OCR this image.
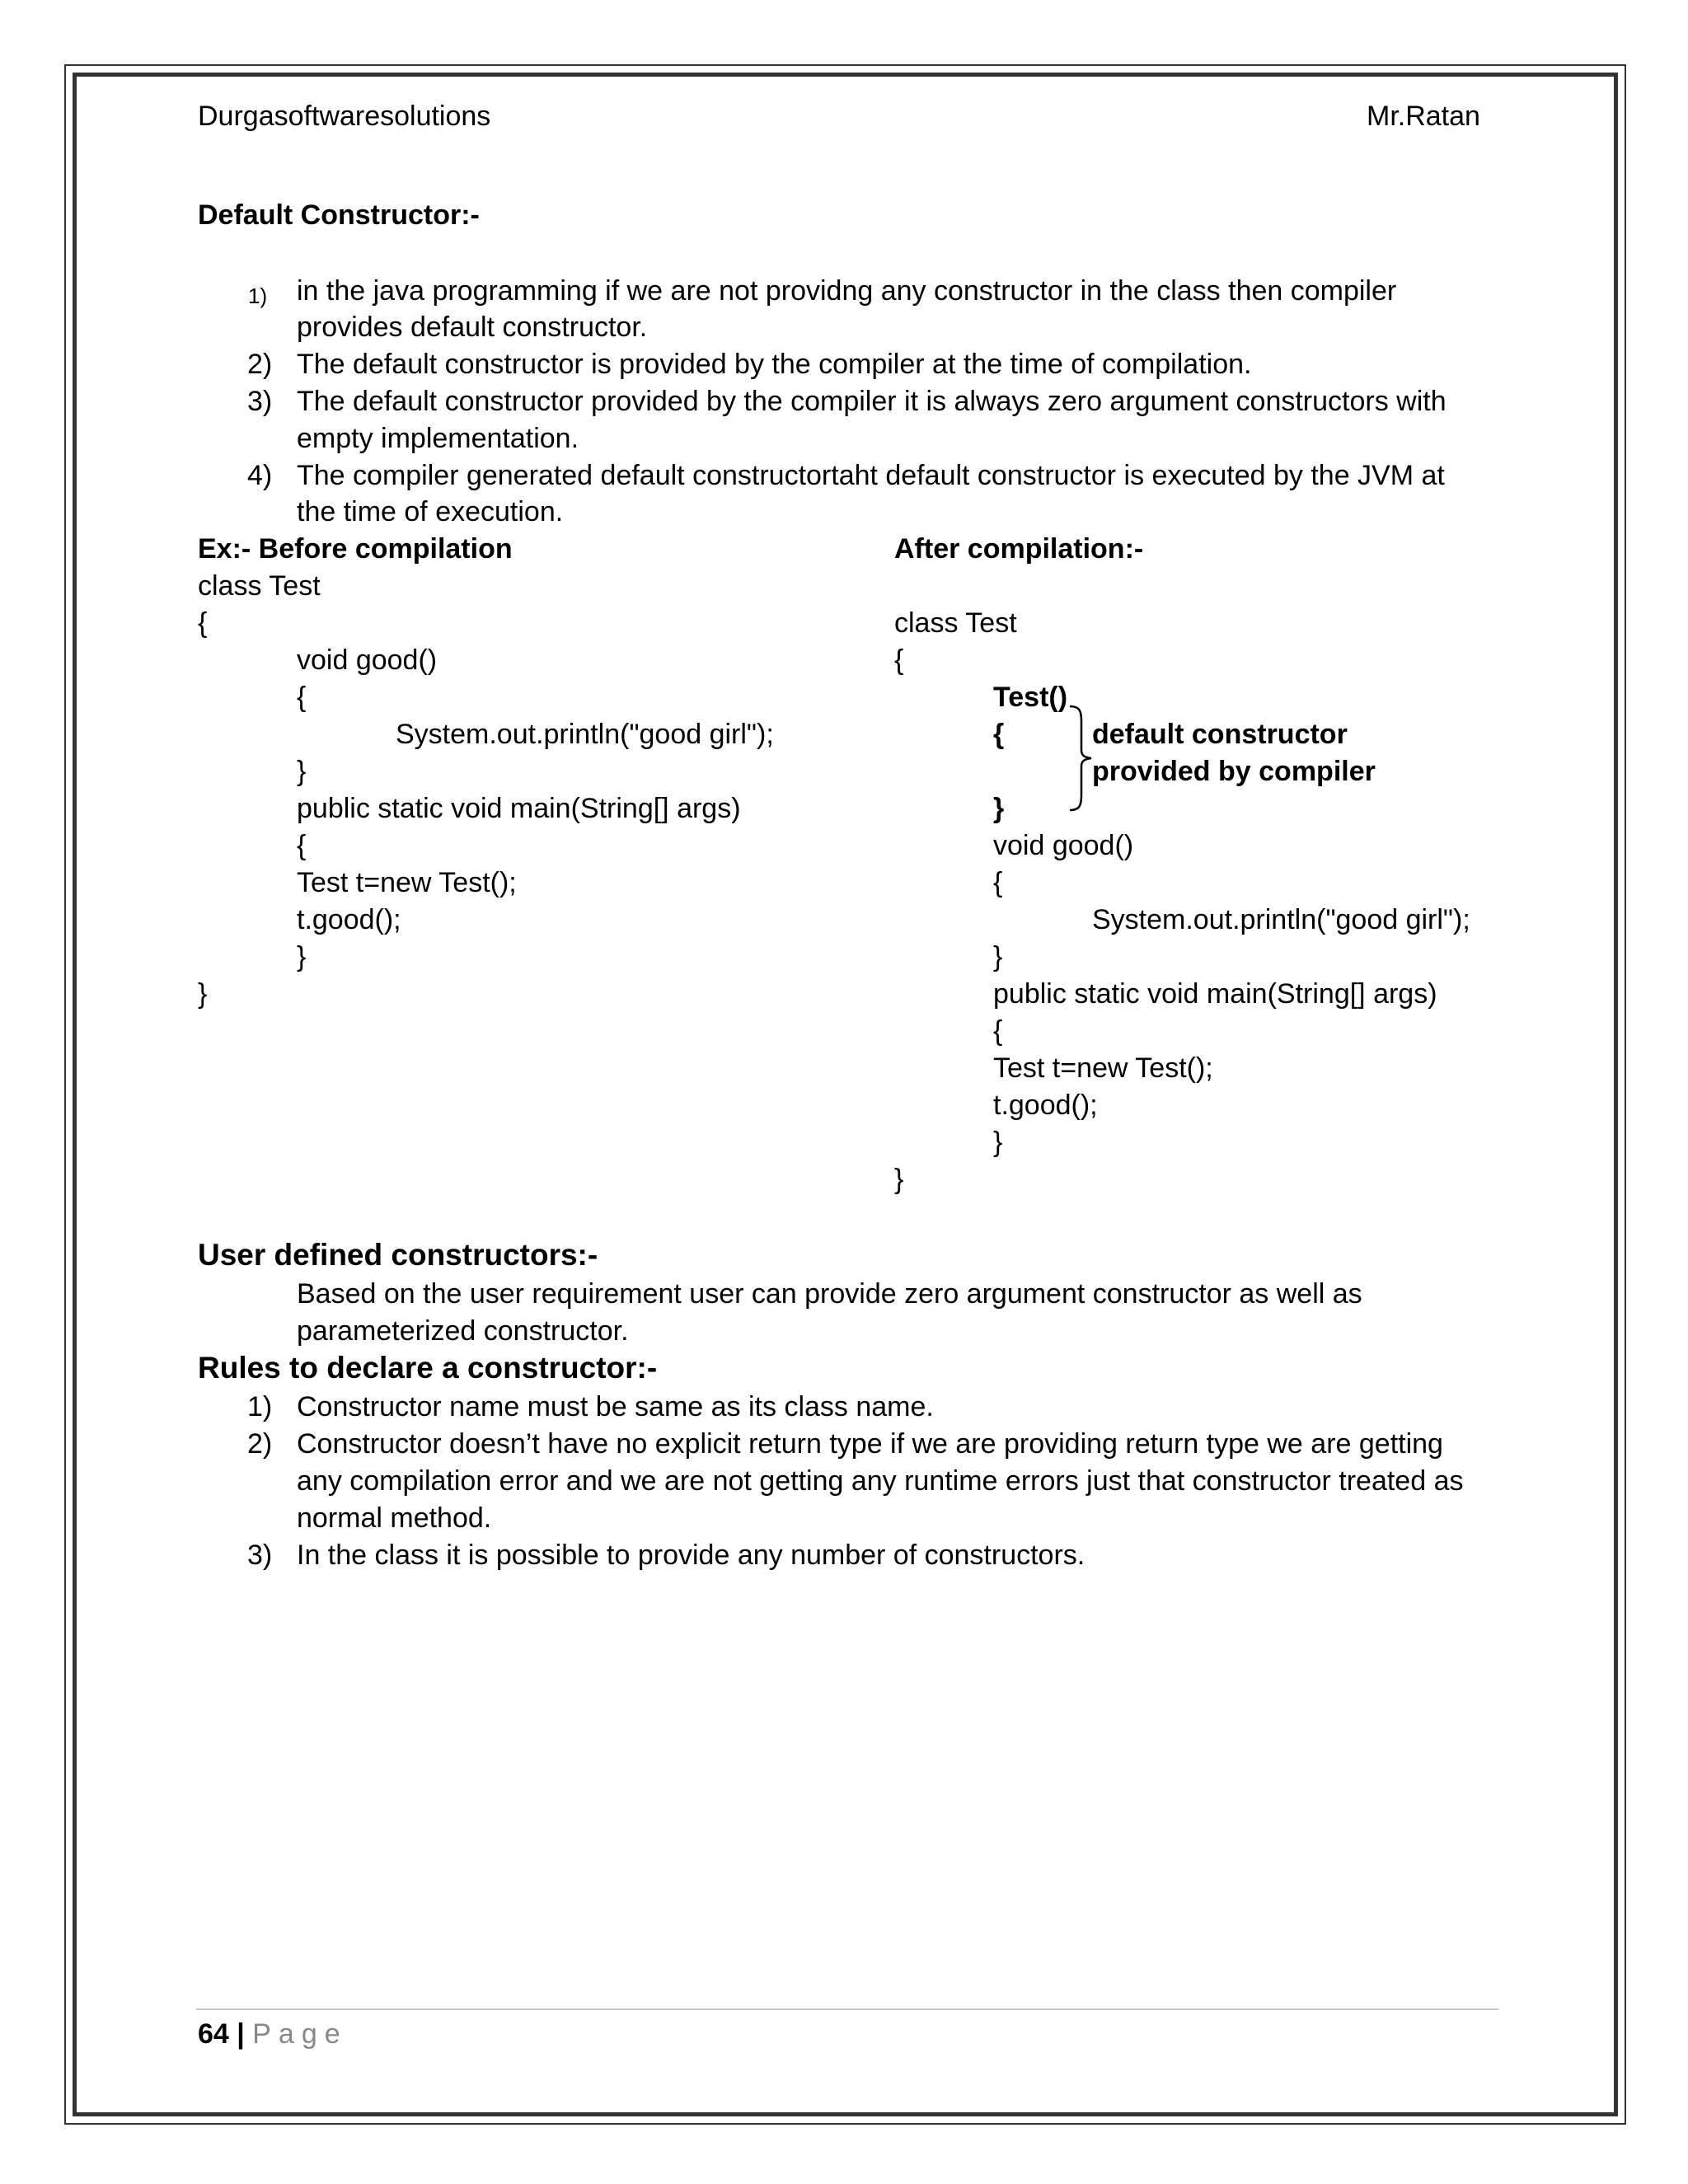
Durgasoftwaresolutions	Mr.Ratan
Default Constructor:-
1) in the java programming if we are not providng any constructor in the class then compiler
provides default constructor.
2) The default constructor is provided by the compiler at the time of compilation.
3) The default constructor provided by the compiler it is always zero argument constructors with
empty implementation.
4) The compiler generated default constructortaht default constructor is executed by the JVM at
the time of execution.
Ex:- Before compilation
class Test
{
void good()
{
System.out.println("good girl");
}
public static void main(String[] args)
{
Test t=new Test();
t.good();
}
}
After compilation:-
class Test
{
Test()
{
}
void good()
{
System.out.println("good girl");
}
public static void main(String[] args)
{
Test t=new Test();
t.good();
}
}
default constructor
provided by compiler
User defined constructors:-
Based on the user requirement user can provide zero argument constructor as well as
parameterized constructor.
Rules to declare a constructor:-
1) Constructor name must be same as its class name.
2) Constructor doesn’t have no explicit return type if we are providing return type we are getting
any compilation error and we are not getting any runtime errors just that constructor treated as
normal method.
3) In the class it is possible to provide any number of constructors.
64 | Page
